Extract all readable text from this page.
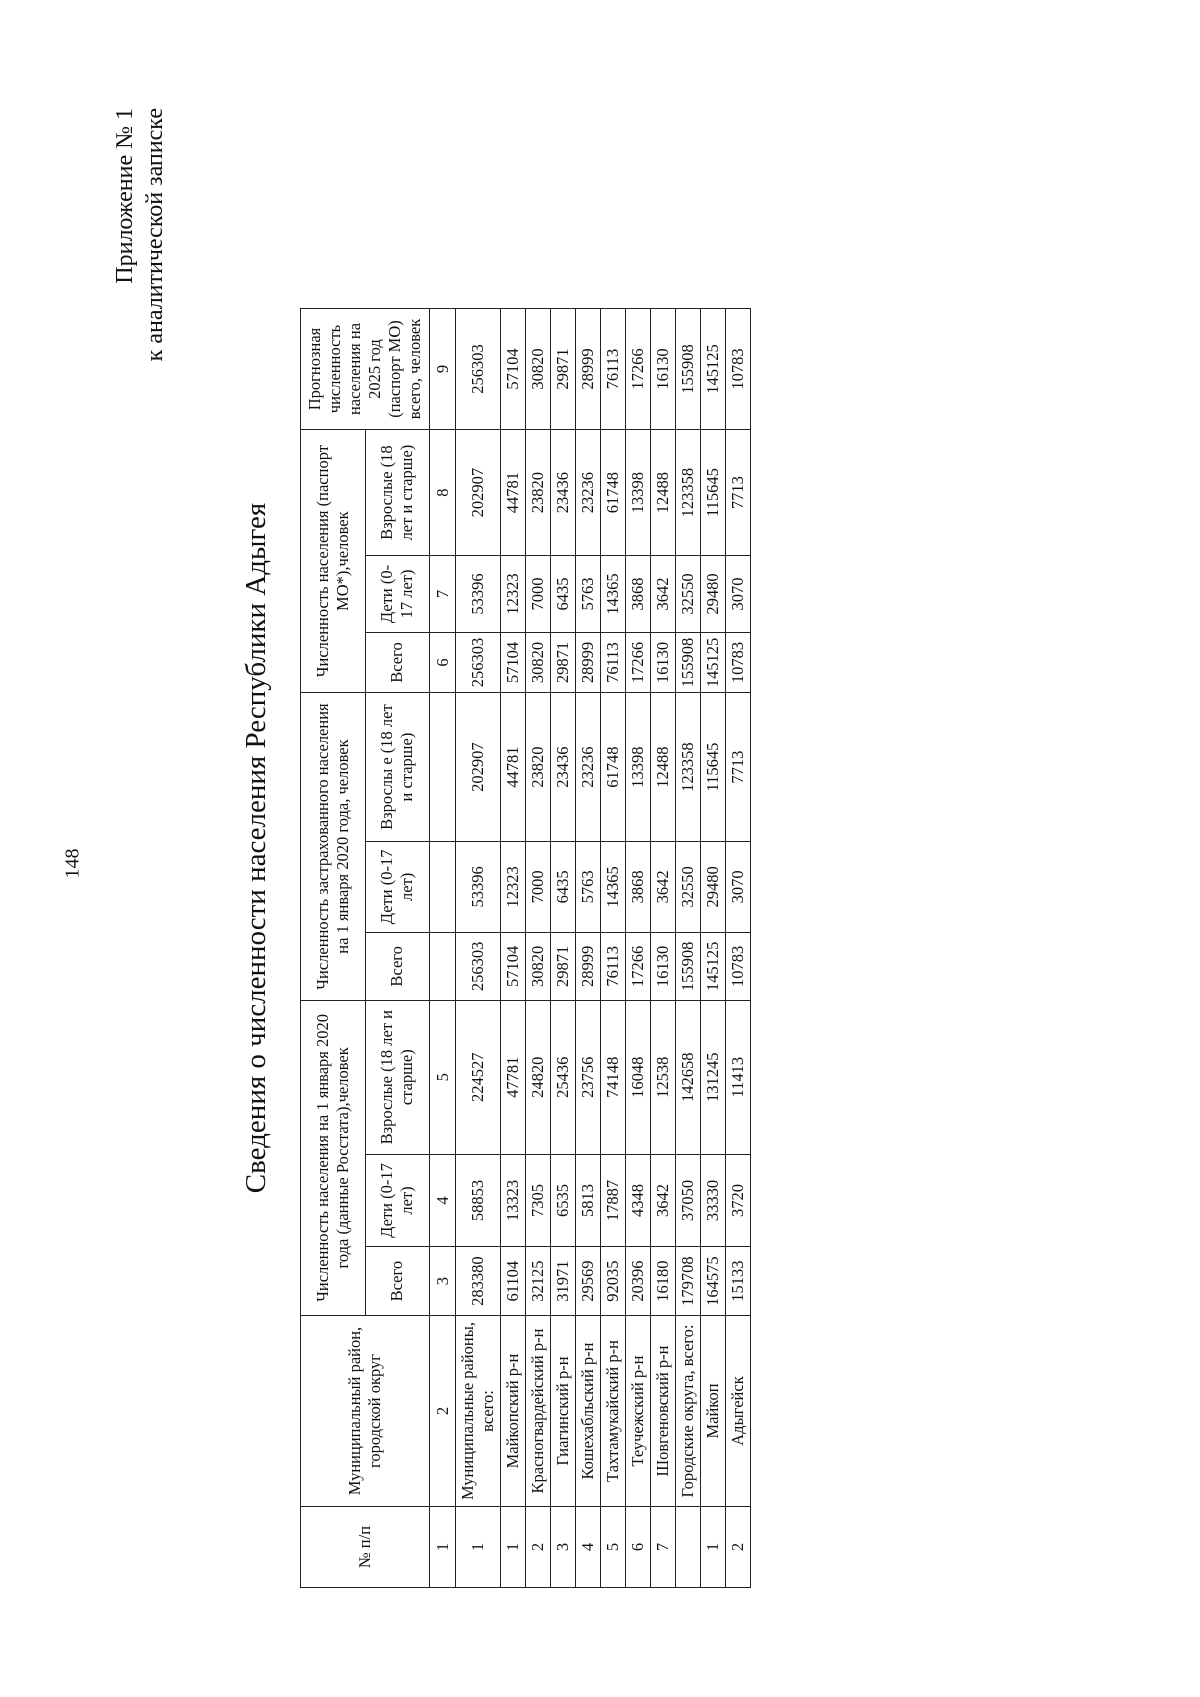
148
Приложение № 1 к аналитической записке
Сведения о численности населения Республики Адыгея
№ п/п	Муниципальный район, городской округ	Численность населения на 1 января 2020 года (данные Росстата),человек			Численность застрахованного населения на 1 января 2020 года, человек			Численность населения (паспорт МО*),человек			Прогнозная численность населения на 2025 год (паспорт МО) всего, человек
		Всего	Дети (0-17 лет)	Взрослые (18 лет и старше)	Всего	Дети (0-17 лет)	Взрослы е (18 лет и старше)	Всего	Дети (0-17 лет)	Взрослые (18 лет и старше)	
1	2	3	4	5				6	7	8	9
1	Муниципальные районы, всего:	283380	58853	224527	256303	53396	202907	256303	53396	202907	256303
1	Майкопский р-н	61104	13323	47781	57104	12323	44781	57104	12323	44781	57104
2	Красногвардейский р-н	32125	7305	24820	30820	7000	23820	30820	7000	23820	30820
3	Гиагинский р-н	31971	6535	25436	29871	6435	23436	29871	6435	23436	29871
4	Кошехабльский р-н	29569	5813	23756	28999	5763	23236	28999	5763	23236	28999
5	Тахтамукайский р-н	92035	17887	74148	76113	14365	61748	76113	14365	61748	76113
6	Теучежский р-н	20396	4348	16048	17266	3868	13398	17266	3868	13398	17266
7	Шовгеновский р-н	16180	3642	12538	16130	3642	12488	16130	3642	12488	16130
	Городские округа, всего:	179708	37050	142658	155908	32550	123358	155908	32550	123358	155908
1	Майкоп	164575	33330	131245	145125	29480	115645	145125	29480	115645	145125
2	Адыгейск	15133	3720	11413	10783	3070	7713	10783	3070	7713	10783
